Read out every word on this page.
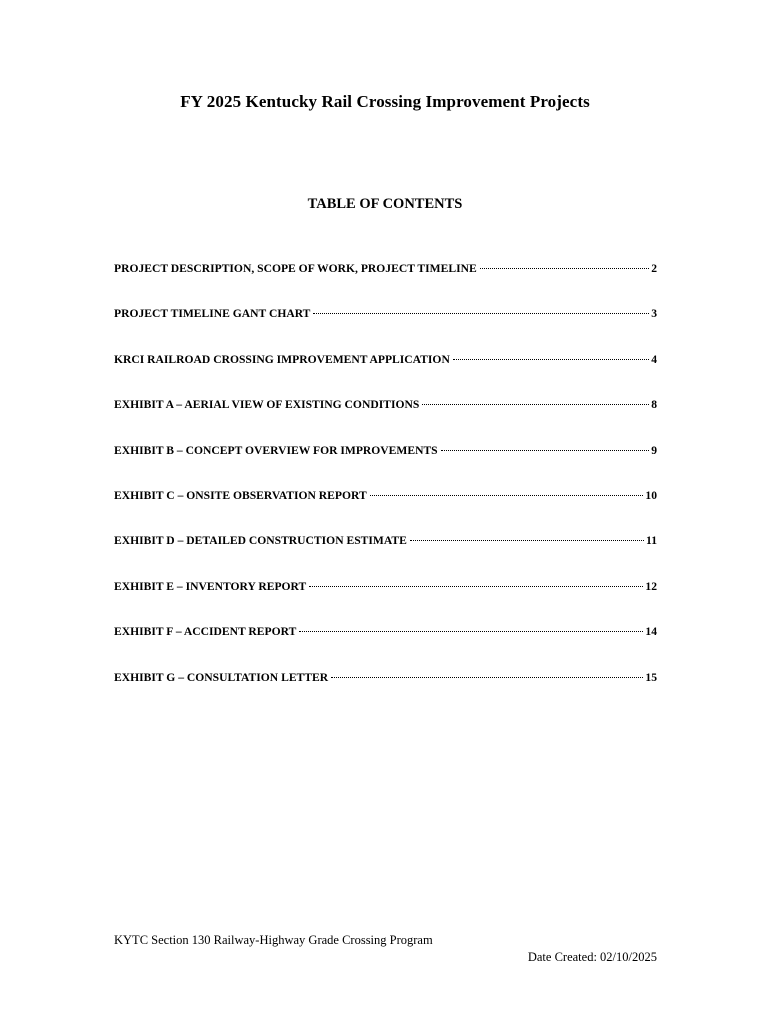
FY 2025 Kentucky Rail Crossing Improvement Projects
TABLE OF CONTENTS
PROJECT DESCRIPTION, SCOPE OF WORK, PROJECT TIMELINE	2
PROJECT TIMELINE GANT CHART	3
KRCI RAILROAD CROSSING IMPROVEMENT APPLICATION	4
EXHIBIT A – AERIAL VIEW OF EXISTING CONDITIONS	8
EXHIBIT B – CONCEPT OVERVIEW FOR IMPROVEMENTS	9
EXHIBIT C – ONSITE OBSERVATION REPORT	10
EXHIBIT D – DETAILED CONSTRUCTION ESTIMATE	11
EXHIBIT E – INVENTORY REPORT	12
EXHIBIT F – ACCIDENT REPORT	14
EXHIBIT G – CONSULTATION LETTER	15
KYTC Section 130 Railway-Highway Grade Crossing Program
Date Created: 02/10/2025
